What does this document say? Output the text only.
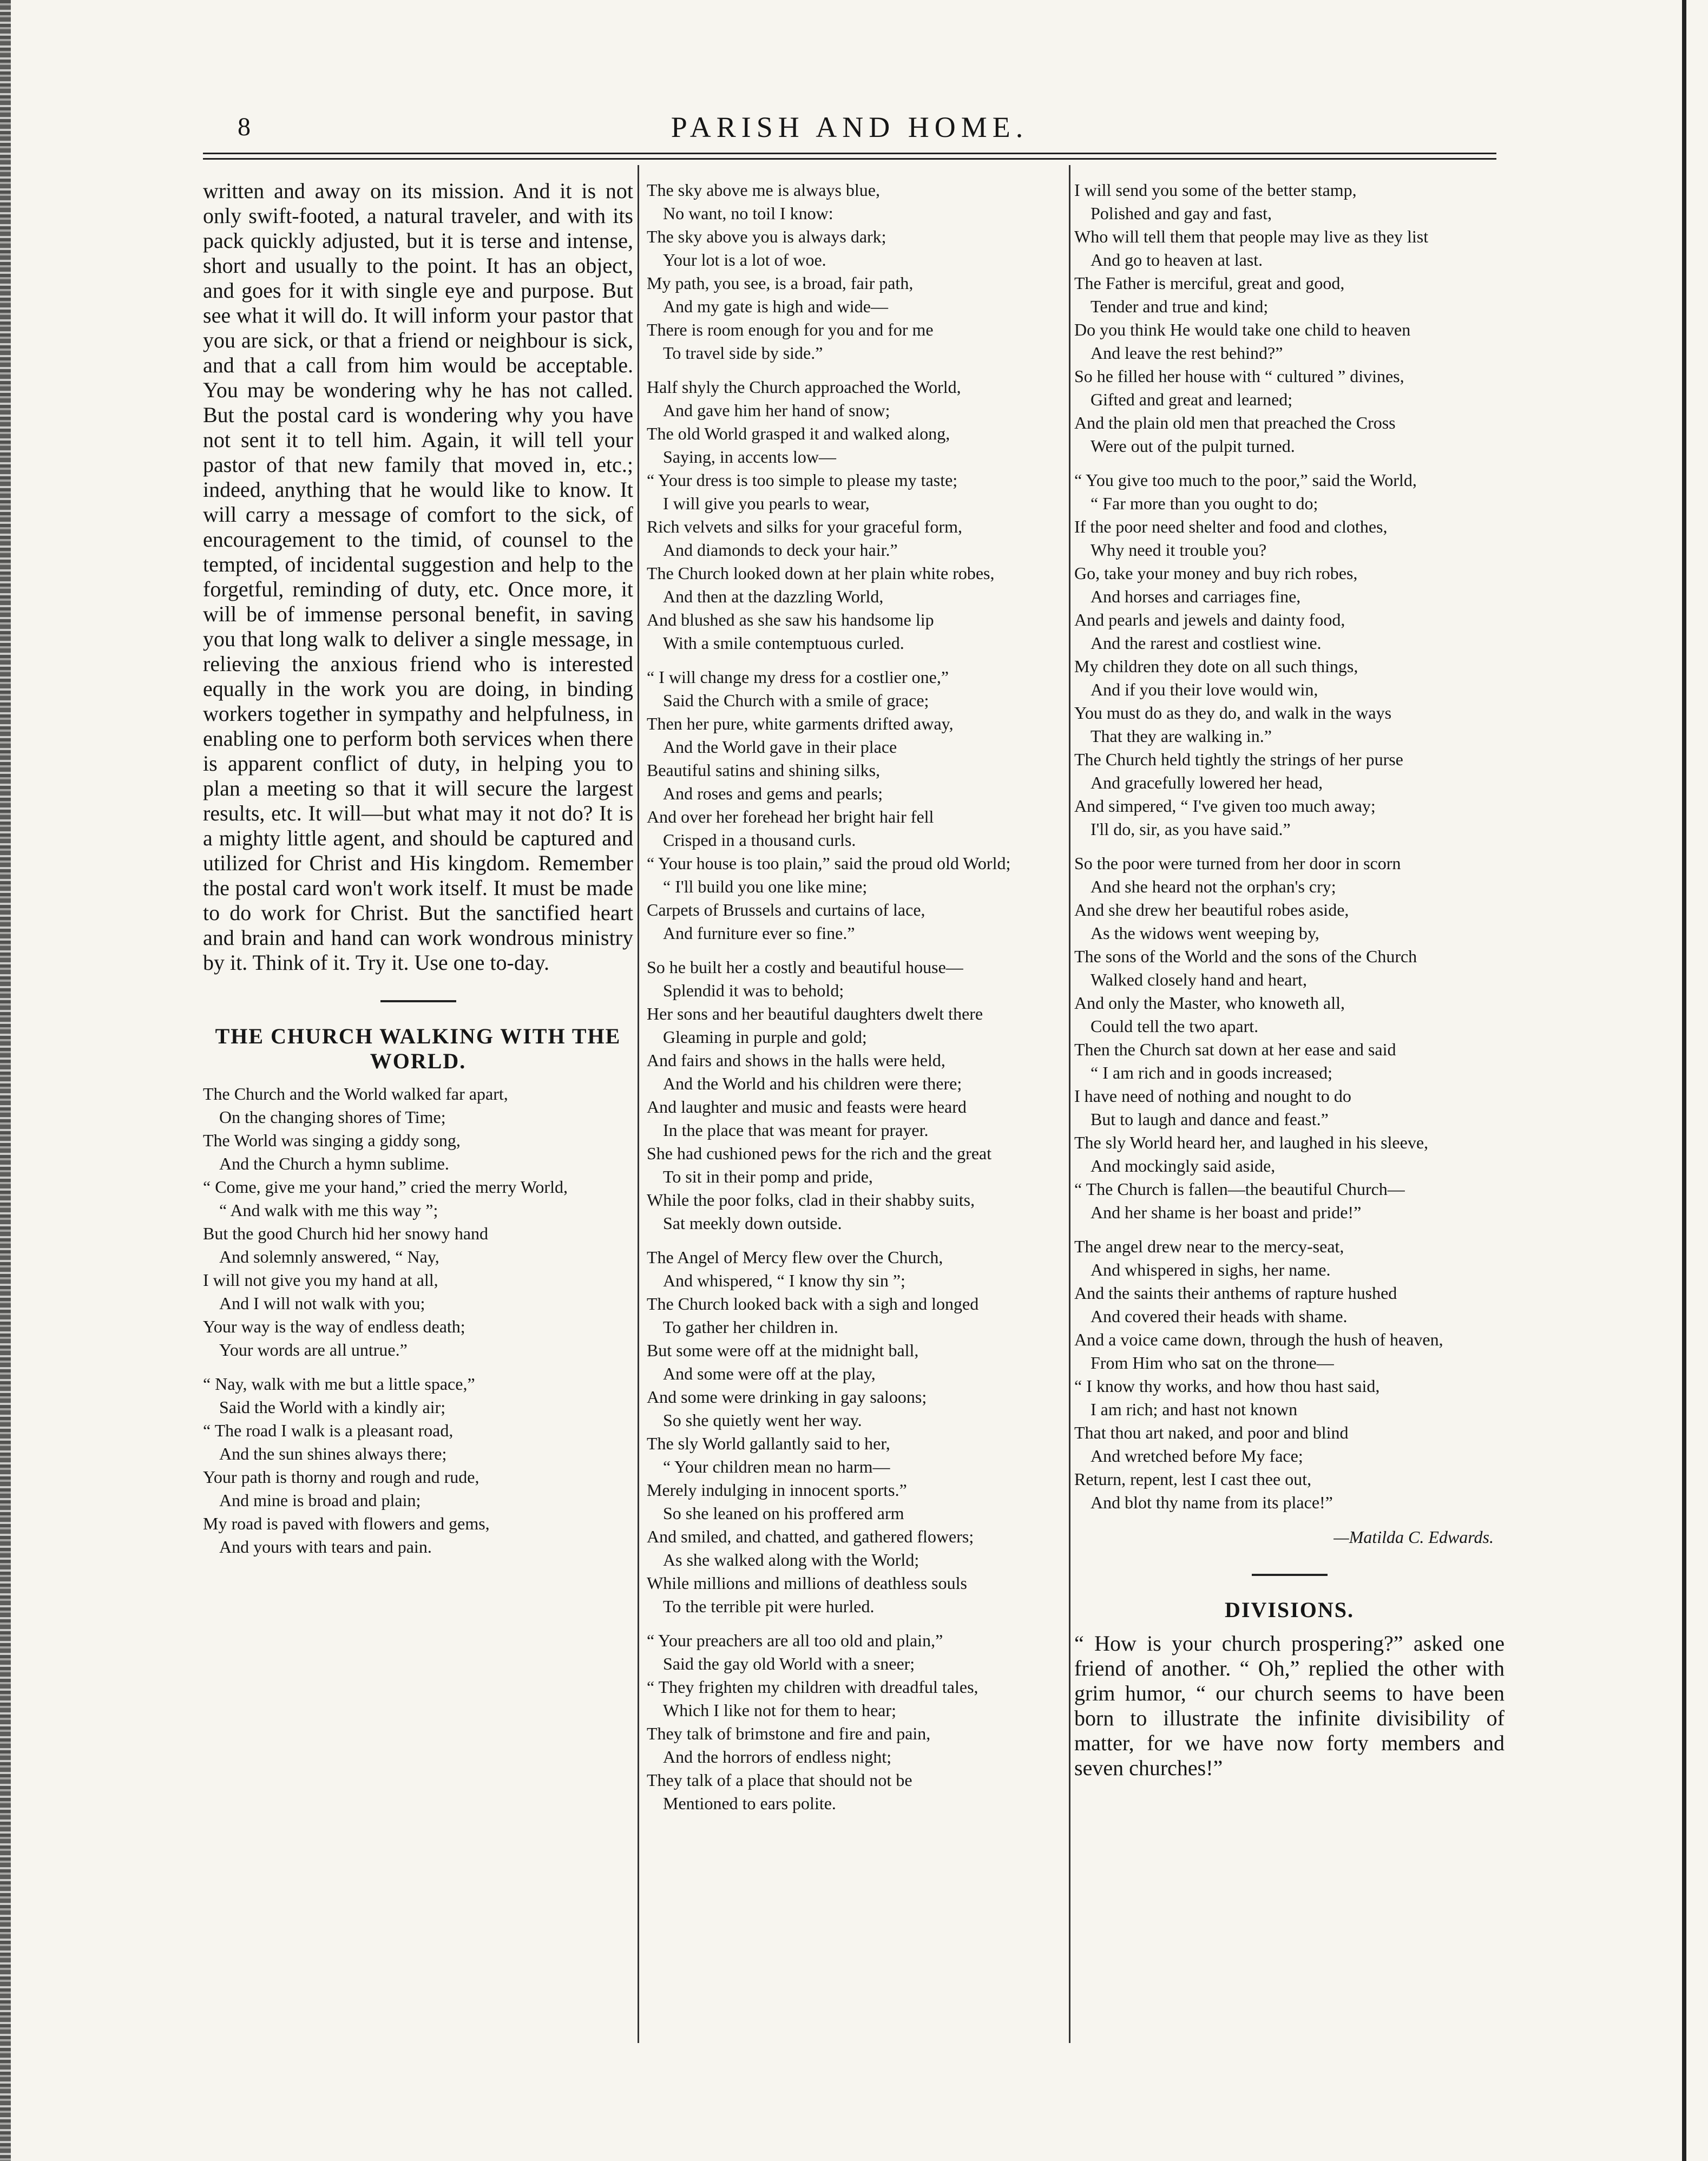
8	PARISH AND HOME.

written and away on its mission. And it is not only swift-footed, a natural traveler, and with its pack quickly adjusted, but it is terse and intense, short and usually to the point. It has an object, and goes for it with single eye and purpose. But see what it will do. It will inform your pastor that you are sick, or that a friend or neighbour is sick, and that a call from him would be acceptable. You may be wondering why he has not called. But the postal card is wondering why you have not sent it to tell him. Again, it will tell your pastor of that new family that moved in, etc.; indeed, anything that he would like to know. It will carry a message of comfort to the sick, of encouragement to the timid, of counsel to the tempted, of incidental suggestion and help to the forgetful, reminding of duty, etc. Once more, it will be of immense personal benefit, in saving you that long walk to deliver a single message, in relieving the anxious friend who is interested equally in the work you are doing, in binding workers together in sympathy and helpfulness, in enabling one to perform both services when there is apparent conflict of duty, in helping you to plan a meeting so that it will secure the largest results, etc. It will—but what may it not do? It is a mighty little agent, and should be captured and utilized for Christ and His kingdom. Remember the postal card won't work itself. It must be made to do work for Christ. But the sanctified heart and brain and hand can work wondrous ministry by it. Think of it. Try it. Use one to-day.

THE CHURCH WALKING WITH THE WORLD.

The Church and the World walked far apart,

On the changing shores of Time;

The World was singing a giddy song,

And the Church a hymn sublime.

“ Come, give me your hand,” cried the merry World,

“ And walk with me this way ”;

But the good Church hid her snowy hand

And solemnly answered, “ Nay,

I will not give you my hand at all,

And I will not walk with you;

Your way is the way of endless death;

Your words are all untrue.”

“ Nay, walk with me but a little space,”

Said the World with a kindly air;

“ The road I walk is a pleasant road,

And the sun shines always there;

Your path is thorny and rough and rude,

And mine is broad and plain;

My road is paved with flowers and gems,

And yours with tears and pain.

The sky above me is always blue,

No want, no toil I know:

The sky above you is always dark;

Your lot is a lot of woe.

My path, you see, is a broad, fair path,

And my gate is high and wide—

There is room enough for you and for me

To travel side by side.”

Half shyly the Church approached the World,

And gave him her hand of snow;

The old World grasped it and walked along,

Saying, in accents low—

“ Your dress is too simple to please my taste;

I will give you pearls to wear,

Rich velvets and silks for your graceful form,

And diamonds to deck your hair.”

The Church looked down at her plain white robes,

And then at the dazzling World,

And blushed as she saw his handsome lip

With a smile contemptuous curled.

“ I will change my dress for a costlier one,”

Said the Church with a smile of grace;

Then her pure, white garments drifted away,

And the World gave in their place

Beautiful satins and shining silks,

And roses and gems and pearls;

And over her forehead her bright hair fell

Crisped in a thousand curls.

“ Your house is too plain,” said the proud old World;

“ I'll build you one like mine;

Carpets of Brussels and curtains of lace,

And furniture ever so fine.”

So he built her a costly and beautiful house—

Splendid it was to behold;

Her sons and her beautiful daughters dwelt there

Gleaming in purple and gold;

And fairs and shows in the halls were held,

And the World and his children were there;

And laughter and music and feasts were heard

In the place that was meant for prayer.

She had cushioned pews for the rich and the great

To sit in their pomp and pride,

While the poor folks, clad in their shabby suits,

Sat meekly down outside.

The Angel of Mercy flew over the Church,

And whispered, “ I know thy sin ”;

The Church looked back with a sigh and longed

To gather her children in.

But some were off at the midnight ball,

And some were off at the play,

And some were drinking in gay saloons;

So she quietly went her way.

The sly World gallantly said to her,

“ Your children mean no harm—

Merely indulging in innocent sports.”

So she leaned on his proffered arm

And smiled, and chatted, and gathered flowers;

As she walked along with the World;

While millions and millions of deathless souls

To the terrible pit were hurled.

“ Your preachers are all too old and plain,”

Said the gay old World with a sneer;

“ They frighten my children with dreadful tales,

Which I like not for them to hear;

They talk of brimstone and fire and pain,

And the horrors of endless night;

They talk of a place that should not be

Mentioned to ears polite.

I will send you some of the better stamp,

Polished and gay and fast,

Who will tell them that people may live as they list

And go to heaven at last.

The Father is merciful, great and good,

Tender and true and kind;

Do you think He would take one child to heaven

And leave the rest behind?”

So he filled her house with “ cultured ” divines,

Gifted and great and learned;

And the plain old men that preached the Cross

Were out of the pulpit turned.

“ You give too much to the poor,” said the World,

“ Far more than you ought to do;

If the poor need shelter and food and clothes,

Why need it trouble you?

Go, take your money and buy rich robes,

And horses and carriages fine,

And pearls and jewels and dainty food,

And the rarest and costliest wine.

My children they dote on all such things,

And if you their love would win,

You must do as they do, and walk in the ways

That they are walking in.”

The Church held tightly the strings of her purse

And gracefully lowered her head,

And simpered, “ I've given too much away;

I'll do, sir, as you have said.”

So the poor were turned from her door in scorn

And she heard not the orphan's cry;

And she drew her beautiful robes aside,

As the widows went weeping by,

The sons of the World and the sons of the Church

Walked closely hand and heart,

And only the Master, who knoweth all,

Could tell the two apart.

Then the Church sat down at her ease and said

“ I am rich and in goods increased;

I have need of nothing and nought to do

But to laugh and dance and feast.”

The sly World heard her, and laughed in his sleeve,

And mockingly said aside,

“ The Church is fallen—the beautiful Church—

And her shame is her boast and pride!”

The angel drew near to the mercy-seat,

And whispered in sighs, her name.

And the saints their anthems of rapture hushed

And covered their heads with shame.

And a voice came down, through the hush of heaven,

From Him who sat on the throne—

“ I know thy works, and how thou hast said,

I am rich; and hast not known

That thou art naked, and poor and blind

And wretched before My face;

Return, repent, lest I cast thee out,

And blot thy name from its place!”

—Matilda C. Edwards.

DIVISIONS.

“ How is your church prospering?” asked one friend of another. “ Oh,” replied the other with grim humor, “ our church seems to have been born to illustrate the infinite divisibility of matter, for we have now forty members and seven churches!”
